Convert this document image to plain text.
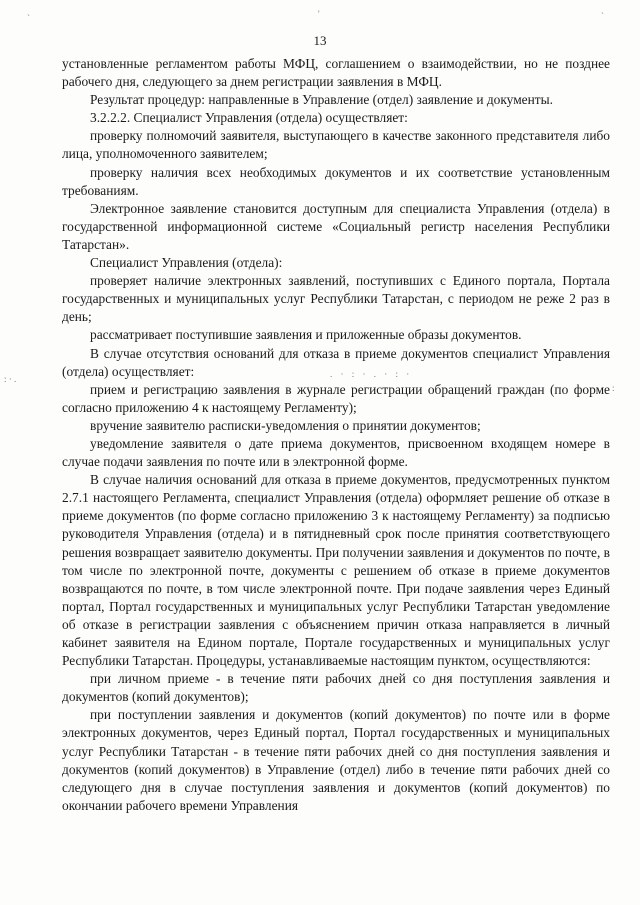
`	'	`
: · .	. · : · . · : ·
:
13

установленные регламентом работы МФЦ, соглашением о взаимодействии, но не позднее рабочего дня, следующего за днем регистрации заявления в МФЦ.

Результат процедур: направленные в Управление (отдел) заявление и документы.

3.2.2.2. Специалист Управления (отдела) осуществляет:

проверку полномочий заявителя, выступающего в качестве законного представителя либо лица, уполномоченного заявителем;

проверку наличия всех необходимых документов и их соответствие установленным требованиям.

Электронное заявление становится доступным для специалиста Управления (отдела) в государственной информационной системе «Социальный регистр населения Республики Татарстан».

Специалист Управления (отдела):

проверяет наличие электронных заявлений, поступивших с Единого портала, Портала государственных и муниципальных услуг Республики Татарстан, с периодом не реже 2 раз в день;

рассматривает поступившие заявления и приложенные образы документов.

В случае отсутствия оснований для отказа в приеме документов специалист Управления (отдела) осуществляет:

прием и регистрацию заявления в журнале регистрации обращений граждан (по форме согласно приложению 4 к настоящему Регламенту);

вручение заявителю расписки-уведомления о принятии документов;

уведомление заявителя о дате приема документов, присвоенном входящем номере в случае подачи заявления по почте или в электронной форме.

В случае наличия оснований для отказа в приеме документов, предусмотренных пунктом 2.7.1 настоящего Регламента, специалист Управления (отдела) оформляет решение об отказе в приеме документов (по форме согласно приложению 3 к настоящему Регламенту) за подписью руководителя Управления (отдела) и в пятидневный срок после принятия соответствующего решения возвращает заявителю документы. При получении заявления и документов по почте, в том числе по электронной почте, документы с решением об отказе в приеме документов возвращаются по почте, в том числе электронной почте. При подаче заявления через Единый портал, Портал государственных и муниципальных услуг Республики Татарстан уведомление об отказе в регистрации заявления с объяснением причин отказа направляется в личный кабинет заявителя на Едином портале, Портале государственных и муниципальных услуг Республики Татарстан. Процедуры, устанавливаемые настоящим пунктом, осуществляются:

при личном приеме - в течение пяти рабочих дней со дня поступления заявления и документов (копий документов);

при поступлении заявления и документов (копий документов) по почте или в форме электронных документов, через Единый портал, Портал государственных и муниципальных услуг Республики Татарстан - в течение пяти рабочих дней со дня поступления заявления и документов (копий документов) в Управление (отдел) либо в течение пяти рабочих дней со следующего дня в случае поступления заявления и документов (копий документов) по окончании рабочего времени Управления
